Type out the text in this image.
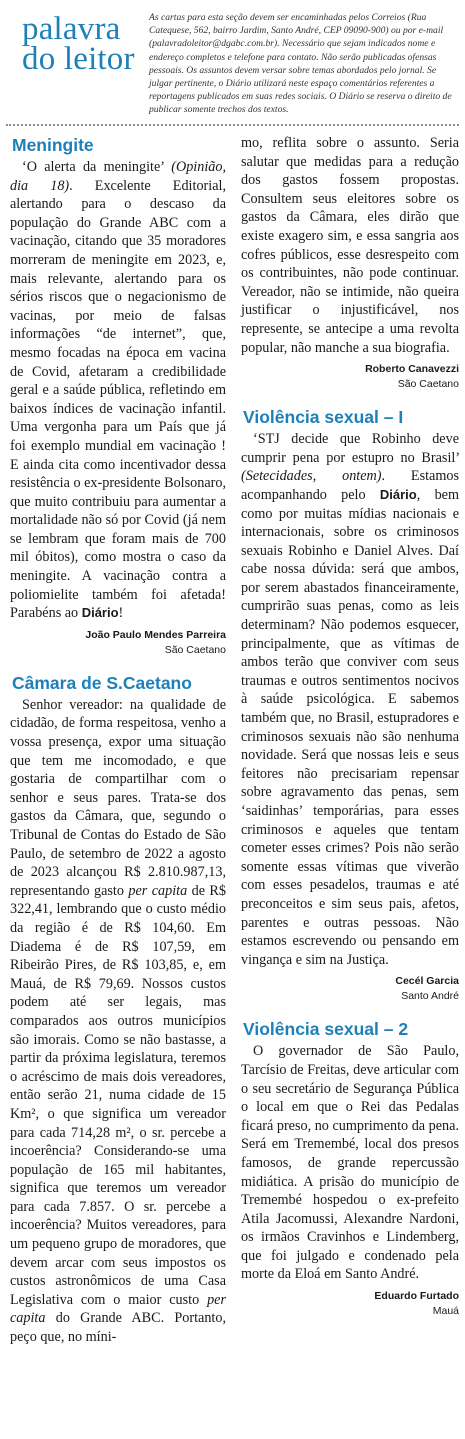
palavra
do leitor
As cartas para esta seção devem ser encaminhadas pelos Correios (Rua Catequese, 562, bairro Jardim, Santo André, CEP 09090-900) ou por e-mail (palavradoleitor@dgabc.com.br). Necessário que sejam indicados nome e endereço completos e telefone para contato. Não serão publicadas ofensas pessoais. Os assuntos devem versar sobre temas abordados pelo jornal. Se julgar pertinente, o Diário utilizará neste espaço comentários referentes a reportagens publicados em suas redes sociais. O Diário se reserva o direito de publicar somente trechos dos textos.
Meningite

‘O alerta da meningite’ (Opinião, dia 18). Excelente Editorial, alertando para o descaso da população do Grande ABC com a vacinação, citando que 35 moradores morreram de meningite em 2023, e, mais relevante, alertando para os sérios riscos que o negacionismo de vacinas, por meio de falsas informações “de internet”, que, mesmo focadas na época em vacina de Covid, afetaram a credibilidade geral e a saúde pública, refletindo em baixos índices de vacinação infantil. Uma vergonha para um País que já foi exemplo mundial em vacinação ! E ainda cita como incentivador dessa resistência o ex-presidente Bolsonaro, que muito contribuiu para aumentar a mortalidade não só por Covid (já nem se lembram que foram mais de 700 mil óbitos), como mostra o caso da meningite. A vacinação contra a poliomielite também foi afetada! Parabéns ao Diário!

João Paulo Mendes Parreira
São Caetano
Câmara de S.Caetano

Senhor vereador: na qualidade de cidadão, de forma respeitosa, venho a vossa presença, expor uma situação que tem me incomodado, e que gostaria de compartilhar com o senhor e seus pares. Trata-se dos gastos da Câmara, que, segundo o Tribunal de Contas do Estado de São Paulo, de setembro de 2022 a agosto de 2023 alcançou R$ 2.810.987,13, representando gasto per capita de R$ 322,41, lembrando que o custo médio da região é de R$ 104,60. Em Diadema é de R$ 107,59, em Ribeirão Pires, de R$ 103,85, e, em Mauá, de R$ 79,69. Nossos custos podem até ser legais, mas comparados aos outros municípios são imorais. Como se não bastasse, a partir da próxima legislatura, teremos o acréscimo de mais dois vereadores, então serão 21, numa cidade de 15 Km², o que significa um vereador para cada 714,28 m², o sr. percebe a incoerência? Considerando-se uma população de 165 mil habitantes, significa que teremos um vereador para cada 7.857. O sr. percebe a incoerência? Muitos vereadores, para um pequeno grupo de moradores, que devem arcar com seus impostos os custos astronômicos de uma Casa Legislativa com o maior custo per capita do Grande ABC. Portanto, peço que, no míni-

mo, reflita sobre o assunto. Seria salutar que medidas para a redução dos gastos fossem propostas. Consultem seus eleitores sobre os gastos da Câmara, eles dirão que existe exagero sim, e essa sangria aos cofres públicos, esse desrespeito com os contribuintes, não pode continuar. Vereador, não se intimide, não queira justificar o injustificável, nos represente, se antecipe a uma revolta popular, não manche a sua biografia.

Roberto Canavezzi
São Caetano
Violência sexual – I

‘STJ decide que Robinho deve cumprir pena por estupro no Brasil’ (Setecidades, ontem). Estamos acompanhando pelo Diário, bem como por muitas mídias nacionais e internacionais, sobre os criminosos sexuais Robinho e Daniel Alves. Daí cabe nossa dúvida: será que ambos, por serem abastados financeiramente, cumprirão suas penas, como as leis determinam? Não podemos esquecer, principalmente, que as vítimas de ambos terão que conviver com seus traumas e outros sentimentos nocivos à saúde psicológica. E sabemos também que, no Brasil, estupradores e criminosos sexuais não são nenhuma novidade. Será que nossas leis e seus feitores não precisariam repensar sobre agravamento das penas, sem ‘saidinhas’ temporárias, para esses criminosos e aqueles que tentam cometer esses crimes? Pois não serão somente essas vítimas que viverão com esses pesadelos, traumas e até preconceitos e sim seus pais, afetos, parentes e outras pessoas. Não estamos escrevendo ou pensando em vingança e sim na Justiça.

Cecél Garcia
Santo André
Violência sexual – 2

O governador de São Paulo, Tarcísio de Freitas, deve articular com o seu secretário de Segurança Pública o local em que o Rei das Pedalas ficará preso, no cumprimento da pena. Será em Tremembé, local dos presos famosos, de grande repercussão midiática. A prisão do município de Tremembé hospedou o ex-prefeito Atila Jacomussi, Alexandre Nardoni, os irmãos Cravinhos e Lindemberg, que foi julgado e condenado pela morte da Eloá em Santo André.

Eduardo Furtado
Mauá
